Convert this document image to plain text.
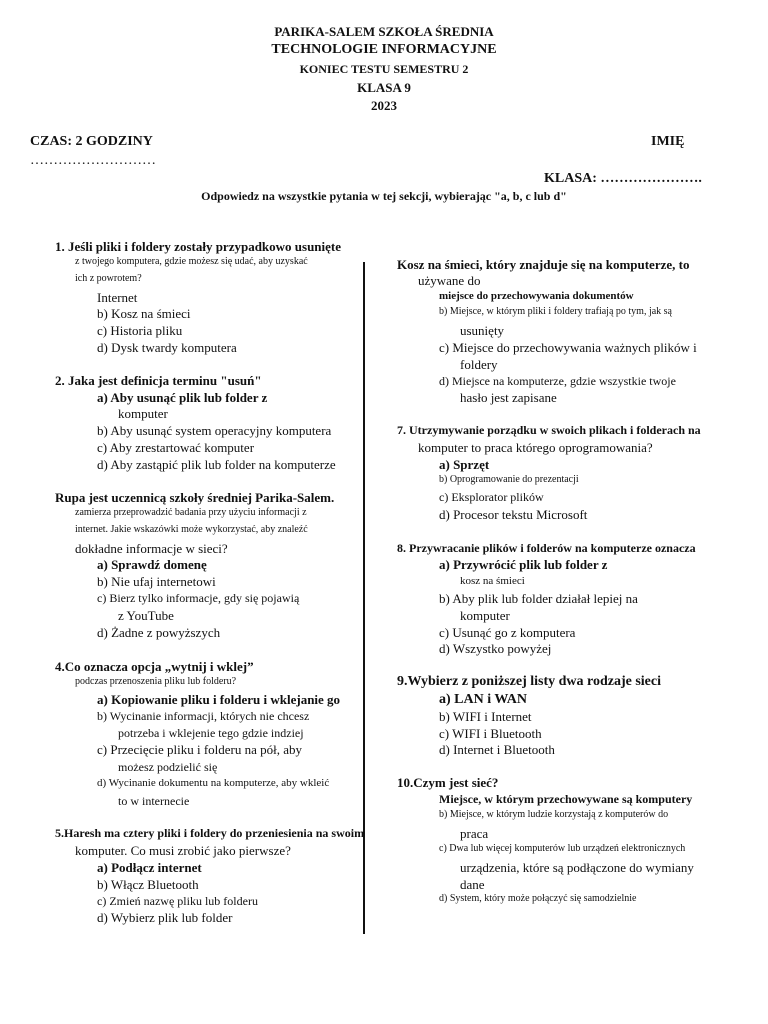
PARIKA-SALEM SZKOŁA ŚREDNIA
TECHNOLOGIE INFORMACYJNE
KONIEC TESTU SEMESTRU 2
KLASA 9
2023
CZAS: 2 GODZINY	IMIĘ
………………………
KLASA: ………………….
Odpowiedz na wszystkie pytania w tej sekcji, wybierając "a, b, c lub d"
1. Jeśli pliki i foldery zostały przypadkowo usunięte
z twojego komputera, gdzie możesz się udać, aby uzyskać
ich z powrotem?
Internet
b) Kosz na śmieci
c) Historia pliku
d) Dysk twardy komputera
2. Jaka jest definicja terminu "usuń"
a) Aby usunąć plik lub folder z
komputer
b) Aby usunąć system operacyjny komputera
c) Aby zrestartować komputer
d) Aby zastąpić plik lub folder na komputerze
Rupa jest uczennicą szkoły średniej Parika-Salem.
zamierza przeprowadzić badania przy użyciu informacji z
internet. Jakie wskazówki może wykorzystać, aby znaleźć
dokładne informacje w sieci?
a) Sprawdź domenę
b) Nie ufaj internetowi
c) Bierz tylko informacje, gdy się pojawią
z YouTube
d) Żadne z powyższych
4.Co oznacza opcja „wytnij i wklej”
podczas przenoszenia pliku lub folderu?
a) Kopiowanie pliku i folderu i wklejanie go
b) Wycinanie informacji, których nie chcesz
potrzeba i wklejenie tego gdzie indziej
c) Przecięcie pliku i folderu na pół, aby
możesz podzielić się
d) Wycinanie dokumentu na komputerze, aby wkleić
to w internecie
5.Haresh ma cztery pliki i foldery do przeniesienia na swoim
komputer. Co musi zrobić jako pierwsze?
a) Podłącz internet
b) Włącz Bluetooth
c) Zmień nazwę pliku lub folderu
d) Wybierz plik lub folder
Kosz na śmieci, który znajduje się na komputerze, to
używane do
miejsce do przechowywania dokumentów
b) Miejsce, w którym pliki i foldery trafiają po tym, jak są
usunięty
c) Miejsce do przechowywania ważnych plików i
foldery
d) Miejsce na komputerze, gdzie wszystkie twoje
hasło jest zapisane
7. Utrzymywanie porządku w swoich plikach i folderach na
komputer to praca którego oprogramowania?
a) Sprzęt
b) Oprogramowanie do prezentacji
c) Eksplorator plików
d) Procesor tekstu Microsoft
8. Przywracanie plików i folderów na komputerze oznacza
a) Przywrócić plik lub folder z
kosz na śmieci
b) Aby plik lub folder działał lepiej na
komputer
c) Usunąć go z komputera
d) Wszystko powyżej
9.Wybierz z poniższej listy dwa rodzaje sieci
a) LAN i WAN
b) WIFI i Internet
c) WIFI i Bluetooth
d) Internet i Bluetooth
10.Czym jest sieć?
Miejsce, w którym przechowywane są komputery
b) Miejsce, w którym ludzie korzystają z komputerów do
praca
c) Dwa lub więcej komputerów lub urządzeń elektronicznych
urządzenia, które są podłączone do wymiany
dane
d) System, który może połączyć się samodzielnie
